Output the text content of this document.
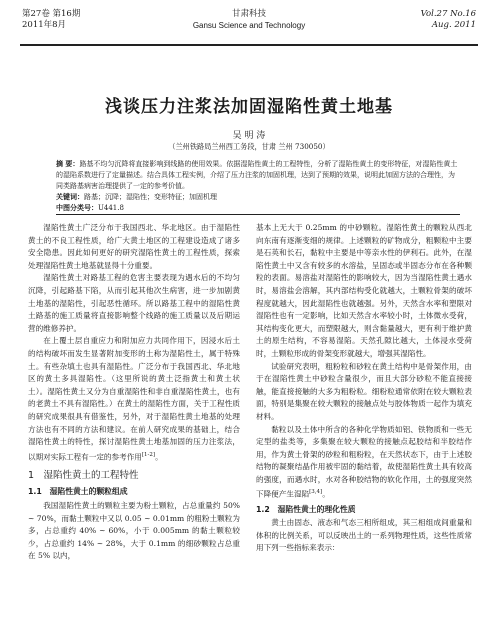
第27卷 第16期
2011年8月
甘肃科技
Gansu Science and Technology
Vol.27 No.16
Aug. 2011
浅谈压力注浆法加固湿陷性黄土地基
吴 明 涛
（兰州铁路局兰州西工务段，甘肃 兰州 730050）
摘 要：路基不均匀沉降将直接影响到线路的使用效果。依据湿陷性黄土的工程特性，分析了湿陷性黄土的变形特征，对湿陷性黄土的湿陷系数进行了定量描述。结合具体工程实例，介绍了压力注浆的加固机理，达到了预期的效果，说明此加固方法的合理性，为同类路基病害治理提供了一定的参考价值。
关键词：路基；沉降；湿陷性；变形特征；加固机理
中图分类号：U441.8

湿陷性黄土广泛分布于我国西北、华北地区。由于湿陷性黄土的不良工程性质，给广大黄土地区的工程建设造成了诸多安全隐患。因此如何更好的研究湿陷性黄土的工程性质，探索处理湿陷性黄土地基就显得十分重要。

湿陷性黄土对路基工程的危害主要表现为遇水后的不均匀沉降，引起路基下陷，从而引起其他次生病害，进一步加剧黄土地基的湿陷性，引起恶性循环。所以路基工程中的湿陷性黄土路基的施工质量将直接影响整个线路的施工质量以及后期运营的维修养护。

在上覆土层自重应力和附加应力共同作用下，因浸水后土的结构破坏而发生显著附加变形的土称为湿陷性土，属于特殊土。有些杂填土也具有湿陷性。广泛分布于我国西北、华北地区的黄土多具湿陷性。（这里所说的黄土泛指黄土和黄土状土）。湿陷性黄土又分为自重湿陷性和非自重湿陷性黄土，也有的老黄土不具有湿陷性。）在黄土的湿陷性方面，关于工程性质的研究成果很具有借鉴性，另外，对于湿陷性黄土地基的处理方法也有不同的方法和建议。在前人研究成果的基础上，结合湿陷性黄土的特性，探讨湿陷性黄土地基加固的压力注浆法，以期对实际工程有一定的参考作用[1-2]。

1　湿陷性黄土的工程特性
1.1　湿陷性黄土的颗粒组成

我国湿陷性黄土的颗粒主要为粉土颗粒，占总重量约 50% ~ 70%，而黏土颗粒中又以 0.05 ~ 0.01mm 的粗粉土颗粒为多，占总重约 40% ~ 60%，小于 0.005mm 的黏土颗粒较少，占总重约 14% ~ 28%，大于 0.1mm 的细砂颗粒占总重在 5% 以内，

基本上无大于 0.25mm 的中砂颗粒。湿陷性黄土的颗粒从西北向东南有逐渐变细的规律。上述颗粒的矿物成分，粗颗粒中主要是石英和长石，黏粒中主要是中等亲水性的伊利石。此外，在湿陷性黄土中又含有较多的水溶盐，呈固态或半固态分布在各种颗粒的表面。易溶盐对湿陷性的影响较大，因为当湿陷性黄土遇水时，易溶盐会溶解，其内部结构受化就越大，土颗粒骨架的破坏程度就越大，因此湿陷性也就越强。另外，天然含水率和塑限对湿陷性也有一定影响，比如天然含水率较小时，土体微水受荷，其结构变化更大，而塑限越大，则含黏量越大，更有利于维护黄土的原生结构，不容易湿陷。天然孔隙比越大，土体浸水受荷时，土颗粒形成的骨架变形就越大，增强其湿陷性。

试验研究表明，粗粉粒和砂粒在黄土结构中是骨架作用，由于在湿陷性黄土中砂粒含量很少，而且大部分砂粒不能直接接触，能直接接触的大多为粗粉粒。细粉粒通常依附在较大颗粒表面，特别是集聚在较大颗粒的接触点处与胶体物质一起作为填充材料。

黏粒以及土体中所含的各种化学物质如铝、铁物质和一些无定型的盐类等，多集聚在较大颗粒的接触点起胶结和半胶结作用，作为黄土骨架的砂粒和粗粉粒，在天然状态下，由于上述胶结物的凝聚结晶作用被牢固的黏结着，故使湿陷性黄土具有较高的强度，而遇水时，水对各种胶结物的软化作用，土的强度突然下降便产生湿陷[3,4]。

1.2　湿陷性黄土的理化性质

黄土由固态、液态和气态三相所组成，其三相组成间重量和体积的比例关系，可以反映出土的一系列物理性质，这些性质常用下列一些指标来表示：
